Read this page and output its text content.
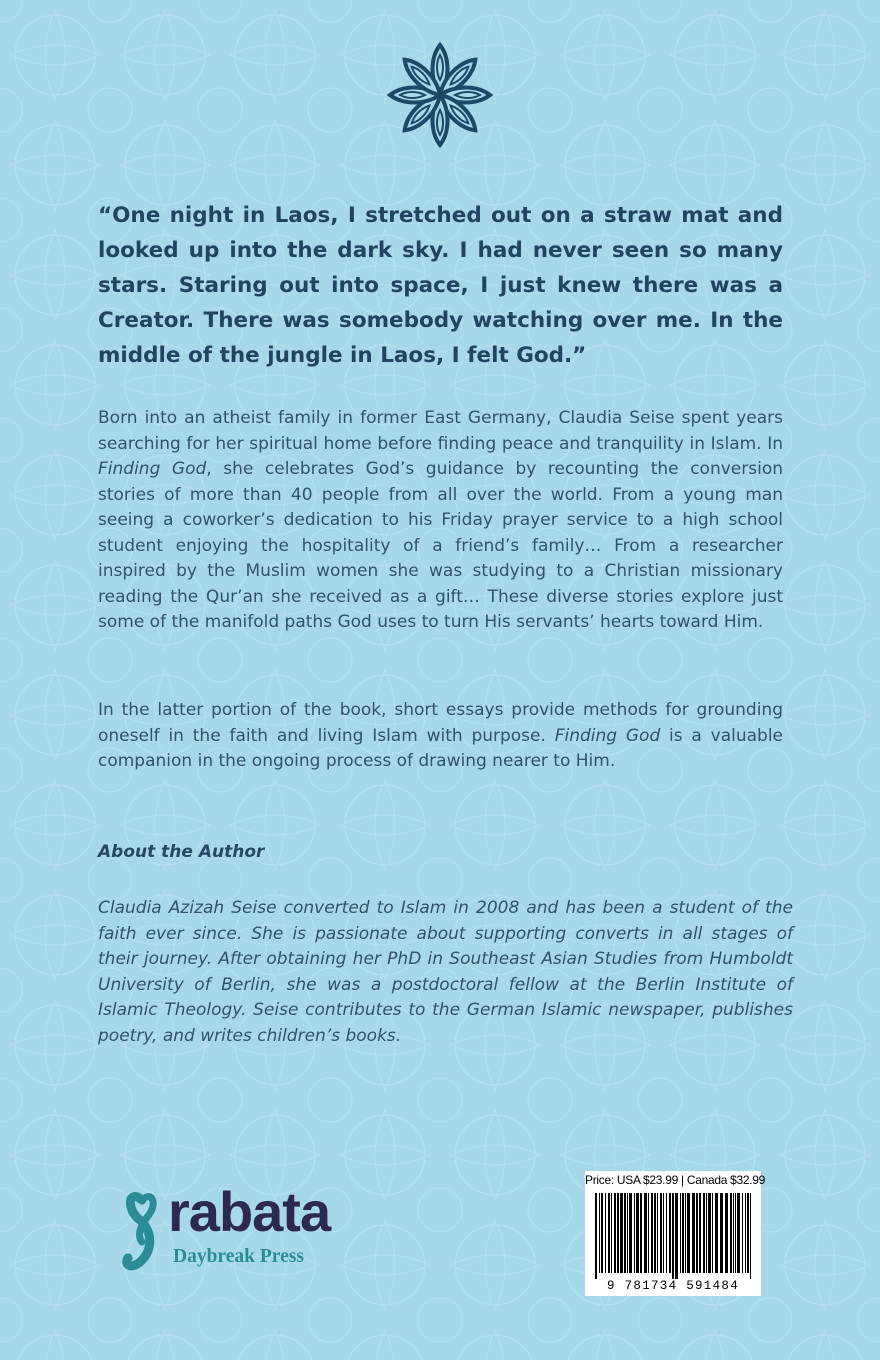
“One night in Laos, I stretched out on a straw mat and looked up into the dark sky. I had never seen so many stars. Staring out into space, I just knew there was a Creator. There was somebody watching over me. In the middle of the jungle in Laos, I felt God.”

Born into an atheist family in former East Germany, Claudia Seise spent years searching for her spiritual home before finding peace and tranquility in Islam. In Finding God, she celebrates God’s guidance by recounting the conversion stories of more than 40 people from all over the world. From a young man seeing a coworker’s dedication to his Friday prayer service to a high school student enjoying the hospitality of a friend’s family… From a researcher inspired by the Muslim women she was studying to a Christian missionary reading the Qur’an she received as a gift… These diverse stories explore just some of the manifold paths God uses to turn His servants’ hearts toward Him.

In the latter portion of the book, short essays provide methods for grounding oneself in the faith and living Islam with purpose. Finding God is a valuable companion in the ongoing process of drawing nearer to Him.

About the Author

Claudia Azizah Seise converted to Islam in 2008 and has been a student of the faith ever since. She is passionate about supporting converts in all stages of their journey. After obtaining her PhD in Southeast Asian Studies from Humboldt University of Berlin, she was a postdoctoral fellow at the Berlin Institute of Islamic Theology. Seise contributes to the German Islamic newspaper, publishes poetry, and writes children’s books.

rabata
Daybreak Press
Price: USA $23.99 | Canada $32.99
9 781734 591484
